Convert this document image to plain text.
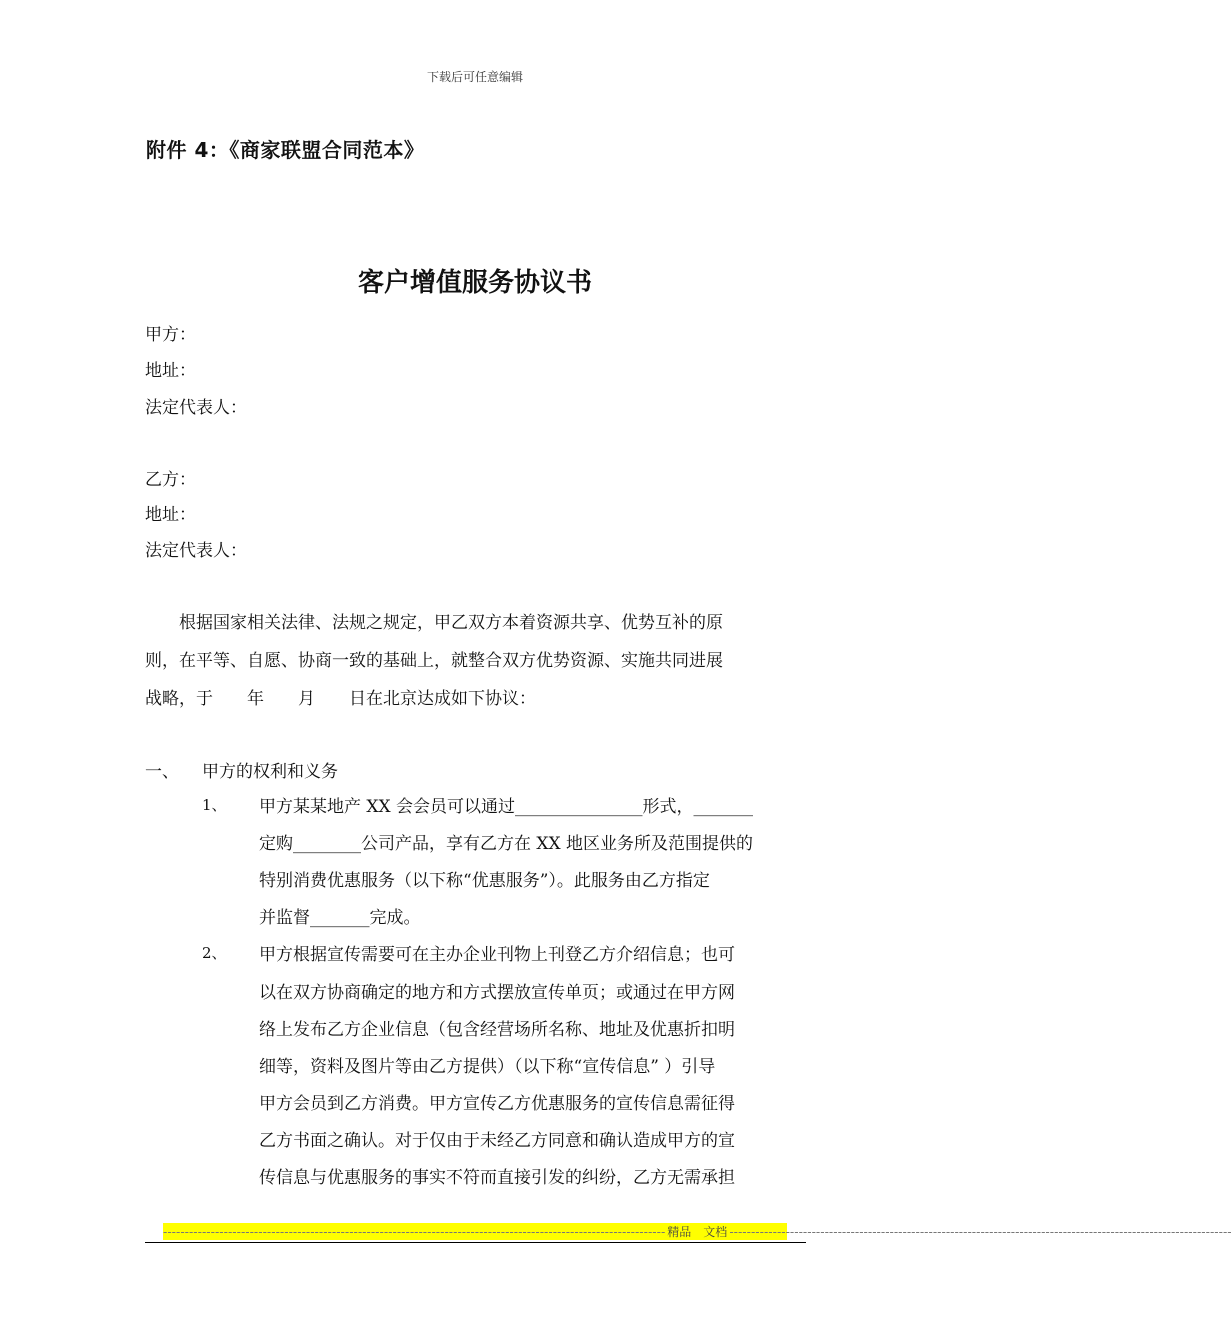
下载后可任意编辑
附件 4：《商家联盟合同范本》
客户增值服务协议书
甲方：
地址：
法定代表人：
乙方：
地址：
法定代表人：
　　根据国家相关法律、法规之规定，甲乙双方本着资源共享、优势互补的原
则，在平等、自愿、协商一致的基础上，就整合双方优势资源、实施共同进展
战略，于　　年　　月　　日在北京达成如下协议：
一、 甲方的权利和义务
1、 甲方某某地产 XX 会会员可以通过_______________形式，_______
定购________公司产品，享有乙方在 XX 地区业务所及范围提供的
特别消费优惠服务（以下称“优惠服务”）。此服务由乙方指定
并监督_______完成。
2、 甲方根据宣传需要可在主办企业刊物上刊登乙方介绍信息；也可
以在双方协商确定的地方和方式摆放宣传单页；或通过在甲方网
络上发布乙方企业信息（包含经营场所名称、地址及优惠折扣明
细等，资料及图片等由乙方提供）（以下称“宣传信息” ）引导
甲方会员到乙方消费。甲方宣传乙方优惠服务的宣传信息需征得
乙方书面之确认。对于仅由于未经乙方同意和确认造成甲方的宣
传信息与优惠服务的事实不符而直接引发的纠纷，乙方无需承担
-------------------------------------------------------------------------------------------------------------------- 精品　文档 --------------------------------------------------------------------------------------------------------------------
